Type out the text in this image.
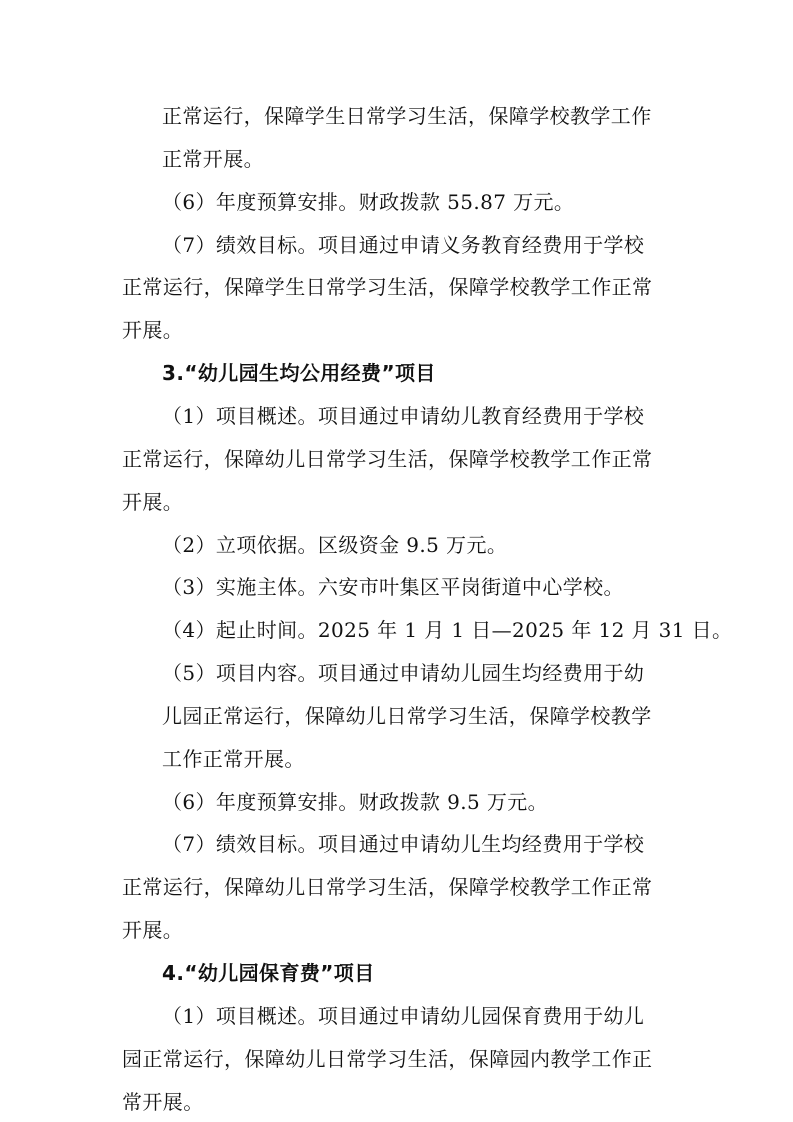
正常运行，保障学生日常学习生活，保障学校教学工作
正常开展。
（6）年度预算安排。财政拨款 55.87 万元。
（7）绩效目标。项目通过申请义务教育经费用于学校
正常运行，保障学生日常学习生活，保障学校教学工作正常
开展。
3.“幼儿园生均公用经费”项目
（1）项目概述。项目通过申请幼儿教育经费用于学校
正常运行，保障幼儿日常学习生活，保障学校教学工作正常
开展。
（2）立项依据。区级资金 9.5 万元。
（3）实施主体。六安市叶集区平岗街道中心学校。
（4）起止时间。2025 年 1 月 1 日—2025 年 12 月 31 日。
（5）项目内容。项目通过申请幼儿园生均经费用于幼
儿园正常运行，保障幼儿日常学习生活，保障学校教学
工作正常开展。
（6）年度预算安排。财政拨款 9.5 万元。
（7）绩效目标。项目通过申请幼儿生均经费用于学校
正常运行，保障幼儿日常学习生活，保障学校教学工作正常
开展。
4.“幼儿园保育费”项目
（1）项目概述。项目通过申请幼儿园保育费用于幼儿
园正常运行，保障幼儿日常学习生活，保障园内教学工作正
常开展。
